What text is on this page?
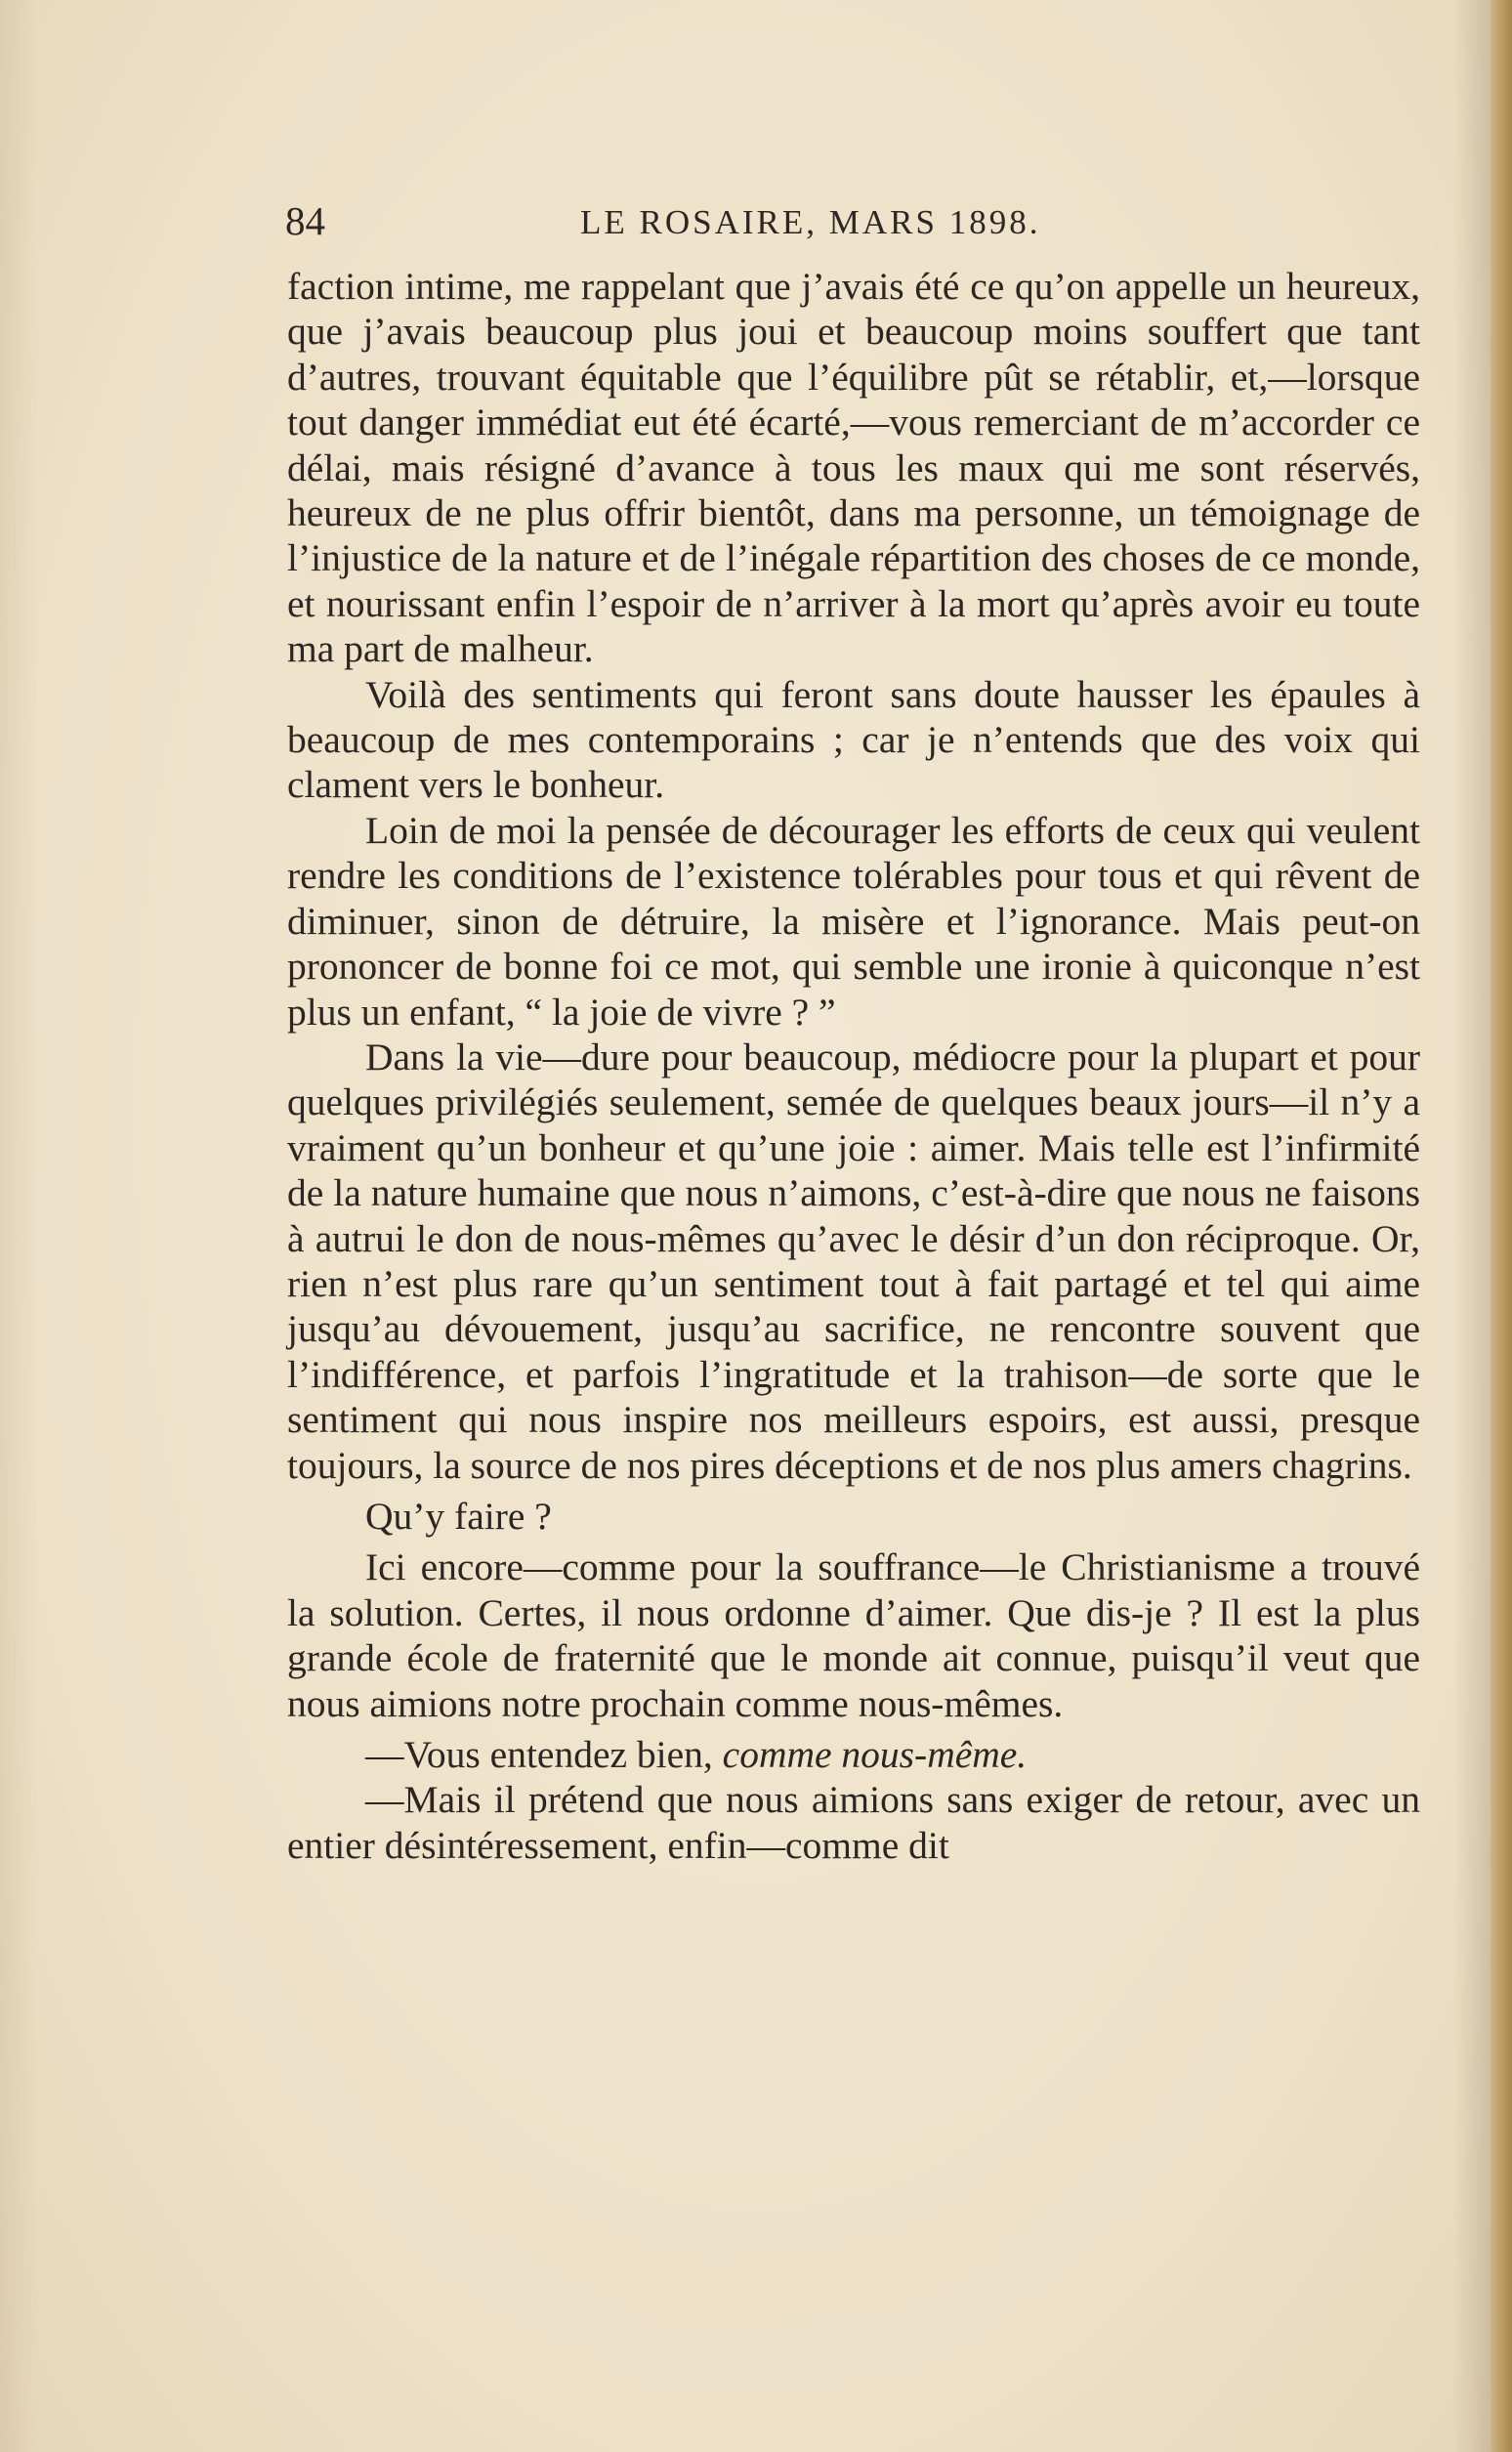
84	LE ROSAIRE, MARS 1898.

faction intime, me rappelant que j’avais été ce qu’on appelle un heureux, que j’avais beaucoup plus joui et beaucoup moins souffert que tant d’autres, trouvant équitable que l’équilibre pût se rétablir, et,—lorsque tout danger immédiat eut été écarté,—vous remerciant de m’accorder ce délai, mais résigné d’avance à tous les maux qui me sont réservés, heureux de ne plus offrir bientôt, dans ma personne, un témoignage de l’injustice de la nature et de l’inégale répartition des choses de ce monde, et nourissant enfin l’espoir de n’arriver à la mort qu’après avoir eu toute ma part de malheur.

Voilà des sentiments qui feront sans doute hausser les épaules à beaucoup de mes contemporains ; car je n’entends que des voix qui clament vers le bonheur.

Loin de moi la pensée de décourager les efforts de ceux qui veulent rendre les conditions de l’existence tolérables pour tous et qui rêvent de diminuer, sinon de détruire, la misère et l’ignorance. Mais peut-on prononcer de bonne foi ce mot, qui semble une ironie à quiconque n’est plus un enfant, “ la joie de vivre ? ”

Dans la vie—dure pour beaucoup, médiocre pour la plupart et pour quelques privilégiés seulement, semée de quelques beaux jours—il n’y a vraiment qu’un bonheur et qu’une joie : aimer. Mais telle est l’infirmité de la nature humaine que nous n’aimons, c’est-à-dire que nous ne faisons à autrui le don de nous-mêmes qu’avec le désir d’un don réciproque. Or, rien n’est plus rare qu’un sentiment tout à fait partagé et tel qui aime jusqu’au dévouement, jusqu’au sacrifice, ne rencontre souvent que l’indifférence, et parfois l’ingratitude et la trahison—de sorte que le sentiment qui nous inspire nos meilleurs espoirs, est aussi, presque toujours, la source de nos pires déceptions et de nos plus amers chagrins.

Qu’y faire ?

Ici encore—comme pour la souffrance—le Christianisme a trouvé la solution. Certes, il nous ordonne d’aimer. Que dis-je ? Il est la plus grande école de fraternité que le monde ait connue, puisqu’il veut que nous aimions notre prochain comme nous-mêmes.

—Vous entendez bien, comme nous-même.

—Mais il prétend que nous aimions sans exiger de retour, avec un entier désintéressement, enfin—comme dit
